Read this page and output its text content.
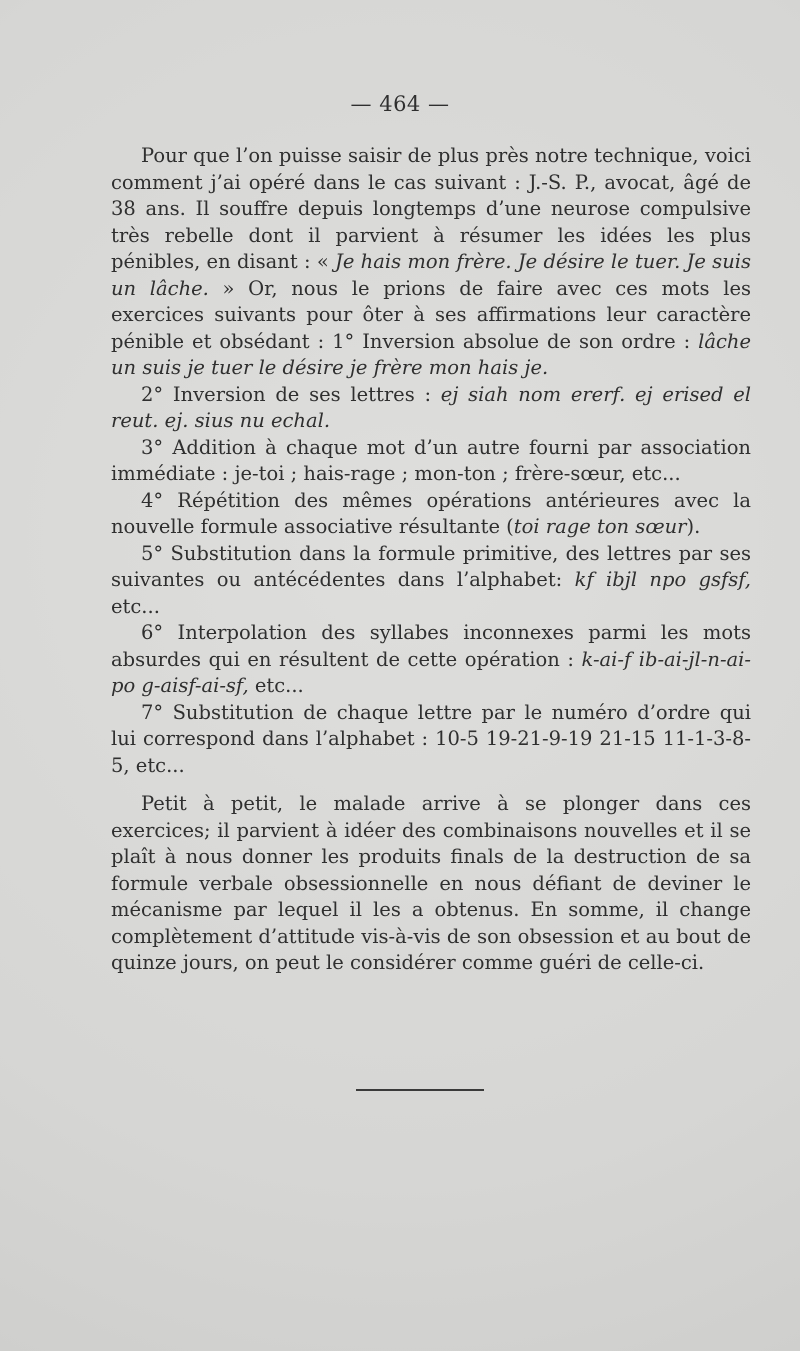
— 464 —

Pour que l’on puisse saisir de plus près notre technique, voici comment j’ai opéré dans le cas suivant : J.-S. P., avocat, âgé de 38 ans. Il souffre depuis longtemps d’une neurose compulsive très rebelle dont il parvient à résumer les idées les plus pénibles, en disant : « Je hais mon frère. Je désire le tuer. Je suis un lâche. » Or, nous le prions de faire avec ces mots les exercices suivants pour ôter à ses affirmations leur caractère pénible et obsédant : 1° Inversion absolue de son ordre : lâche un suis je tuer le désire je frère mon hais je.

2° Inversion de ses lettres : ej siah nom ererf. ej erised el reut. ej. sius nu echal.

3° Addition à chaque mot d’un autre fourni par association immédiate : je-toi ; hais-rage ; mon-ton ; frère-sœur, etc...

4° Répétition des mêmes opérations antérieures avec la nouvelle formule associative résultante (toi rage ton sœur).

5° Substitution dans la formule primitive, des lettres par ses suivantes ou antécédentes dans l’alphabet: kf ibjl npo gsfsf, etc...

6° Interpolation des syllabes inconnexes parmi les mots absurdes qui en résultent de cette opération : k-ai-f ib-ai-jl-n-ai-po g-aisf-ai-sf, etc...

7° Substitution de chaque lettre par le numéro d’ordre qui lui correspond dans l’alphabet : 10-5 19-21-9-19 21-15 11-1-3-8-5, etc...

Petit à petit, le malade arrive à se plonger dans ces exercices; il parvient à idéer des combinaisons nouvelles et il se plaît à nous donner les produits finals de la destruction de sa formule verbale obsessionnelle en nous défiant de deviner le mécanisme par lequel il les a obtenus. En somme, il change complètement d’attitude vis-à-vis de son obsession et au bout de quinze jours, on peut le considérer comme guéri de celle-ci.
